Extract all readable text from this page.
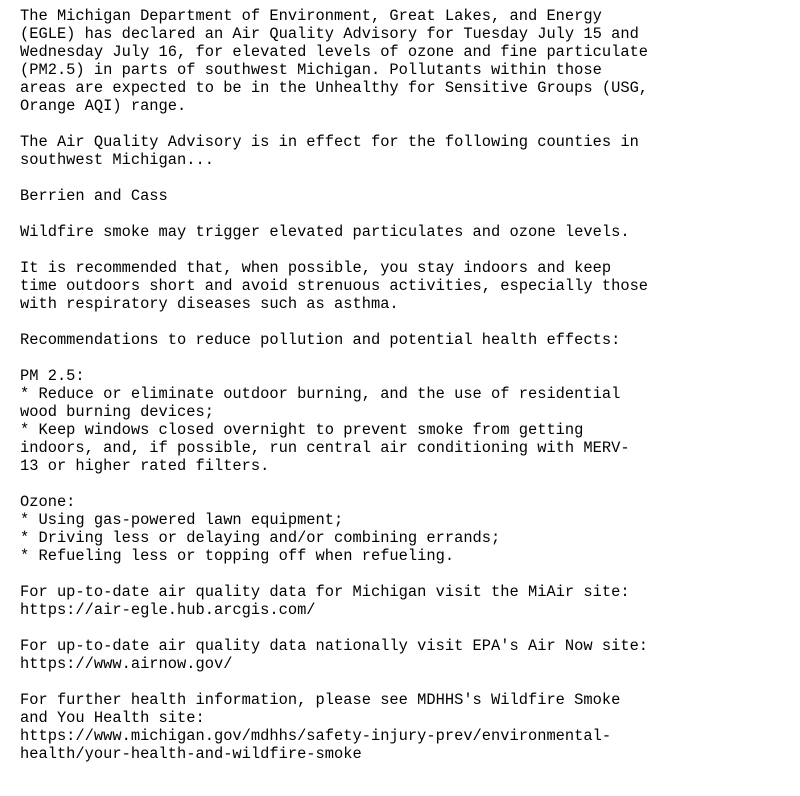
The Michigan Department of Environment, Great Lakes, and Energy
(EGLE) has declared an Air Quality Advisory for Tuesday July 15 and
Wednesday July 16, for elevated levels of ozone and fine particulate
(PM2.5) in parts of southwest Michigan. Pollutants within those
areas are expected to be in the Unhealthy for Sensitive Groups (USG,
Orange AQI) range.
The Air Quality Advisory is in effect for the following counties in
southwest Michigan...
Berrien and Cass
Wildfire smoke may trigger elevated particulates and ozone levels.
It is recommended that, when possible, you stay indoors and keep
time outdoors short and avoid strenuous activities, especially those
with respiratory diseases such as asthma.
Recommendations to reduce pollution and potential health effects:
PM 2.5:
* Reduce or eliminate outdoor burning, and the use of residential
wood burning devices;
* Keep windows closed overnight to prevent smoke from getting
indoors, and, if possible, run central air conditioning with MERV-
13 or higher rated filters.
Ozone:
* Using gas-powered lawn equipment;
* Driving less or delaying and/or combining errands;
* Refueling less or topping off when refueling.
For up-to-date air quality data for Michigan visit the MiAir site:
https://air-egle.hub.arcgis.com/
For up-to-date air quality data nationally visit EPA's Air Now site:
https://www.airnow.gov/
For further health information, please see MDHHS's Wildfire Smoke
and You Health site:
https://www.michigan.gov/mdhhs/safety-injury-prev/environmental-
health/your-health-and-wildfire-smoke
